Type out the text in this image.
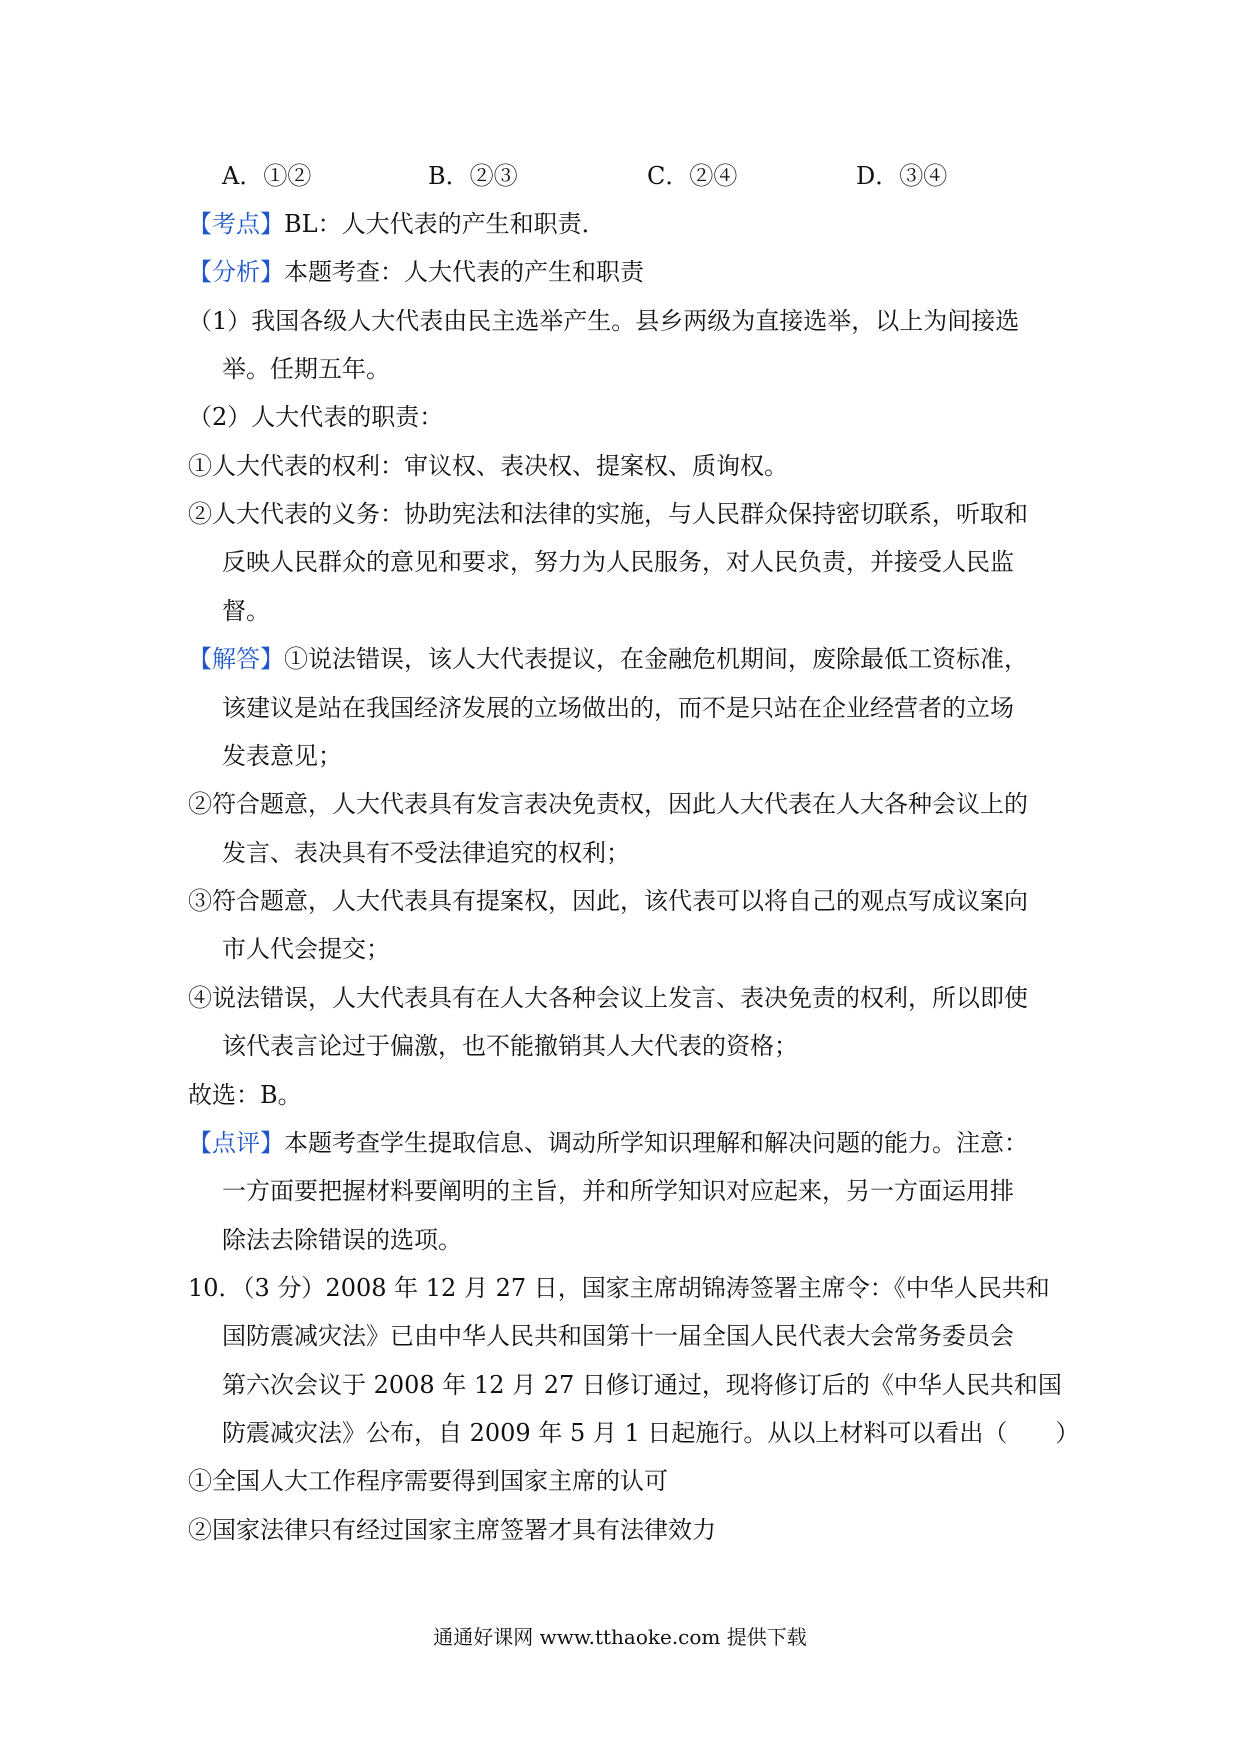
A．①②	B．②③	C．②④	D．③④
【考点】BL：人大代表的产生和职责．
【分析】本题考查：人大代表的产生和职责
（1）我国各级人大代表由民主选举产生。县乡两级为直接选举，以上为间接选
举。任期五年。
（2）人大代表的职责：
①人大代表的权利：审议权、表决权、提案权、质询权。
②人大代表的义务：协助宪法和法律的实施，与人民群众保持密切联系，听取和
反映人民群众的意见和要求，努力为人民服务，对人民负责，并接受人民监
督。
【解答】①说法错误，该人大代表提议，在金融危机期间，废除最低工资标准，
该建议是站在我国经济发展的立场做出的，而不是只站在企业经营者的立场
发表意见；
②符合题意，人大代表具有发言表决免责权，因此人大代表在人大各种会议上的
发言、表决具有不受法律追究的权利；
③符合题意，人大代表具有提案权，因此，该代表可以将自己的观点写成议案向
市人代会提交；
④说法错误，人大代表具有在人大各种会议上发言、表决免责的权利，所以即使
该代表言论过于偏激，也不能撤销其人大代表的资格；
故选：B。
【点评】本题考查学生提取信息、调动所学知识理解和解决问题的能力。注意：
一方面要把握材料要阐明的主旨，并和所学知识对应起来，另一方面运用排
除法去除错误的选项。
10．（3 分）2008 年 12 月 27 日，国家主席胡锦涛签署主席令：《中华人民共和
国防震减灾法》已由中华人民共和国第十一届全国人民代表大会常务委员会
第六次会议于 2008 年 12 月 27 日修订通过，现将修订后的《中华人民共和国
防震减灾法》公布，自 2009 年 5 月 1 日起施行。从以上材料可以看出（　　）
①全国人大工作程序需要得到国家主席的认可
②国家法律只有经过国家主席签署才具有法律效力
通通好课网 www.tthaoke.com 提供下载
